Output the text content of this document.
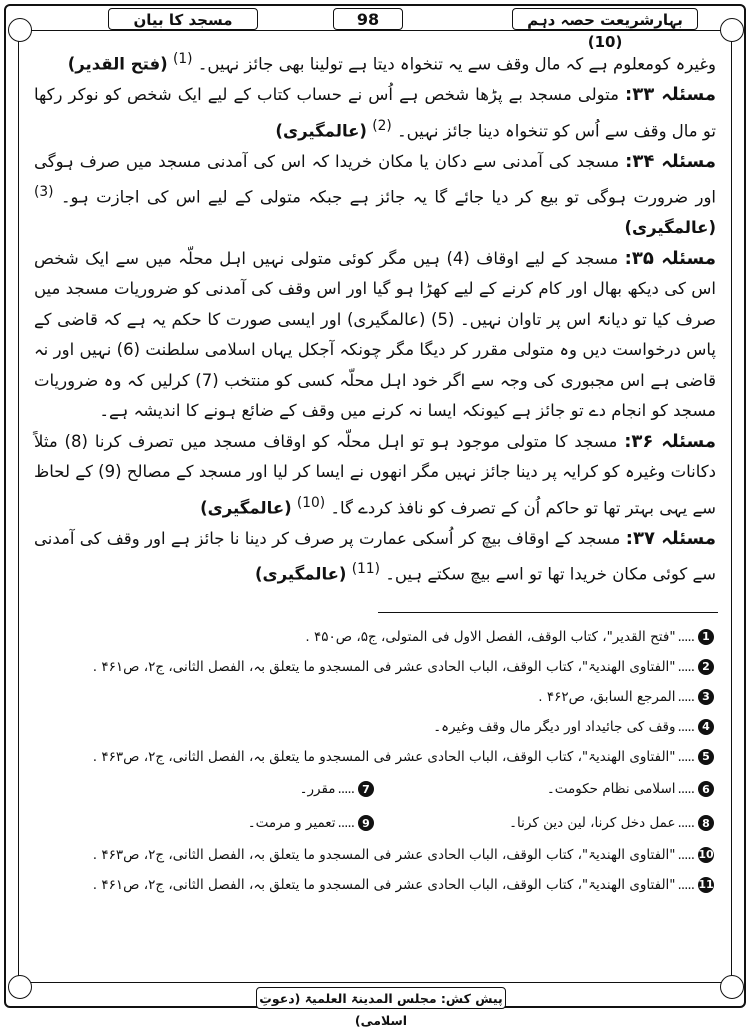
بہارِشریعت حصہ دہم (10)
98
مسجد کا بیان

وغیرہ کومعلوم ہے کہ مال وقف سے یہ تنخواہ دیتا ہے تولینا بھی جائز نہیں۔ $^{(1)}$ (فتح القدیر)

مسئلہ ۳۳: متولی مسجد بے پڑھا شخص ہے اُس نے حساب کتاب کے لیے ایک شخص کو نوکر رکھا تو مال وقف سے اُس کو تنخواہ دینا جائز نہیں۔ $^{(2)}$ (عالمگیری)

مسئلہ ۳۴: مسجد کی آمدنی سے دکان یا مکان خریدا کہ اس کی آمدنی مسجد میں صرف ہوگی اور ضرورت ہوگی تو بیع کر دیا جائے گا یہ جائز ہے جبکہ متولی کے لیے اس کی اجازت ہو۔ $^{(3)}$ (عالمگیری)

مسئلہ ۳۵: مسجد کے لیے اوقاف (4) ہیں مگر کوئی متولی نہیں اہل محلّہ میں سے ایک شخص اس کی دیکھ بھال اور کام کرنے کے لیے کھڑا ہو گیا اور اس وقف کی آمدنی کو ضروریات مسجد میں صرف کیا تو دیانۃً اس پر تاوان نہیں۔ (5) (عالمگیری) اور ایسی صورت کا حکم یہ ہے کہ قاضی کے پاس درخواست دیں وہ متولی مقرر کر دیگا مگر چونکہ آجکل یہاں اسلامی سلطنت (6) نہیں اور نہ قاضی ہے اس مجبوری کی وجہ سے اگر خود اہل محلّہ کسی کو منتخب (7) کرلیں کہ وہ ضروریات مسجد کو انجام دے تو جائز ہے کیونکہ ایسا نہ کرنے میں وقف کے ضائع ہونے کا اندیشہ ہے۔

مسئلہ ۳۶: مسجد کا متولی موجود ہو تو اہل محلّہ کو اوقاف مسجد میں تصرف کرنا (8) مثلاً دکانات وغیرہ کو کرایہ پر دینا جائز نہیں مگر انھوں نے ایسا کر لیا اور مسجد کے مصالح (9) کے لحاظ سے یہی بہتر تھا تو حاکم اُن کے تصرف کو نافذ کردے گا۔ $^{(10)}$ (عالمگیری)

مسئلہ ۳۷: مسجد کے اوقاف بیچ کر اُسکی عمارت پر صرف کر دینا نا جائز ہے اور وقف کی آمدنی سے کوئی مکان خریدا تھا تو اسے بیچ سکتے ہیں۔ $^{(11)}$ (عالمگیری)

1
.....
"فتح القدیر"، کتاب الوقف، الفصل الاول فی المتولی، ج۵، ص۴۵۰ .
2
.....
"الفتاوی الھندیۃ"، کتاب الوقف، الباب الحادی عشر فی المسجدو ما یتعلق بہ، الفصل الثانی، ج۲، ص۴۶۱ .
3
.....
المرجع السابق، ص۴۶۲ .
4
.....
وقف کی جائیداد اور دیگر مال وقف وغیرہ۔
5
.....
"الفتاوی الھندیۃ"، کتاب الوقف، الباب الحادی عشر فی المسجدو ما یتعلق بہ، الفصل الثانی، ج۲، ص۴۶۳ .
6
.....
اسلامی نظام حکومت۔
7
.....
مقرر۔
8
.....
عمل دخل کرنا، لین دین کرنا۔
9
.....
تعمیر و مرمت۔
10
.....
"الفتاوی الھندیۃ"، کتاب الوقف، الباب الحادی عشر فی المسجدو ما یتعلق بہ، الفصل الثانی، ج۲، ص۴۶۳ .
11
.....
"الفتاوی الھندیۃ"، کتاب الوقف، الباب الحادی عشر فی المسجدو ما یتعلق بہ، الفصل الثانی، ج۲، ص۴۶۱ .
پیش کش: مجلس المدینۃ العلمیۃ (دعوتِ اسلامی)
